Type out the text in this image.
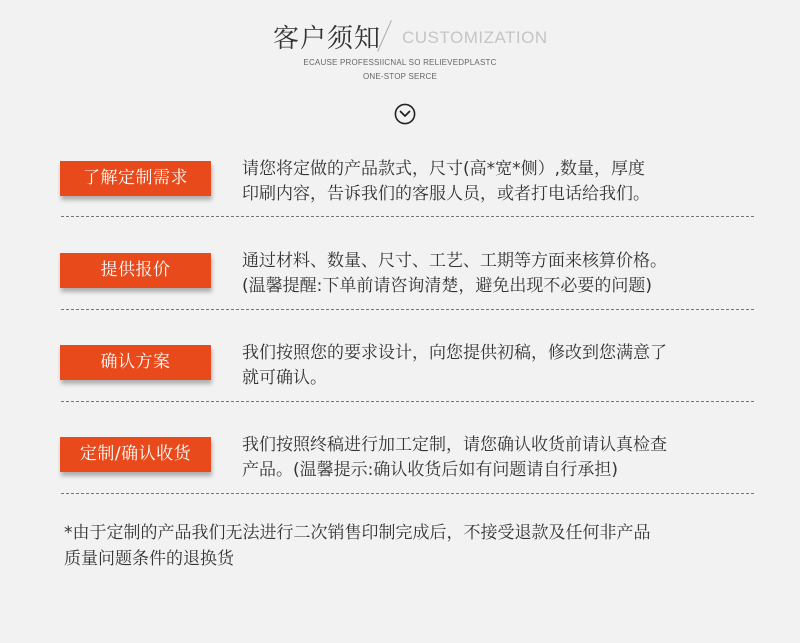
客户须知 CUSTOMIZATION
ECAUSE PROFESSIICNAL SO RELIEVEDPLASTC
ONE-STOP SERCE
了解定制需求	请您将定做的产品款式，尺寸(高*宽*侧）,数量，厚度
印刷内容，告诉我们的客服人员，或者打电话给我们。
提供报价	通过材料、数量、尺寸、工艺、工期等方面来核算价格。
(温馨提醒:下单前请咨询清楚，避免出现不必要的问题)
确认方案	我们按照您的要求设计，向您提供初稿，修改到您满意了
就可确认。
定制/确认收货	我们按照终稿进行加工定制，请您确认收货前请认真检查
产品。(温馨提示:确认收货后如有问题请自行承担)
*由于定制的产品我们无法进行二次销售印制完成后，不接受退款及任何非产品
质量问题条件的退换货
